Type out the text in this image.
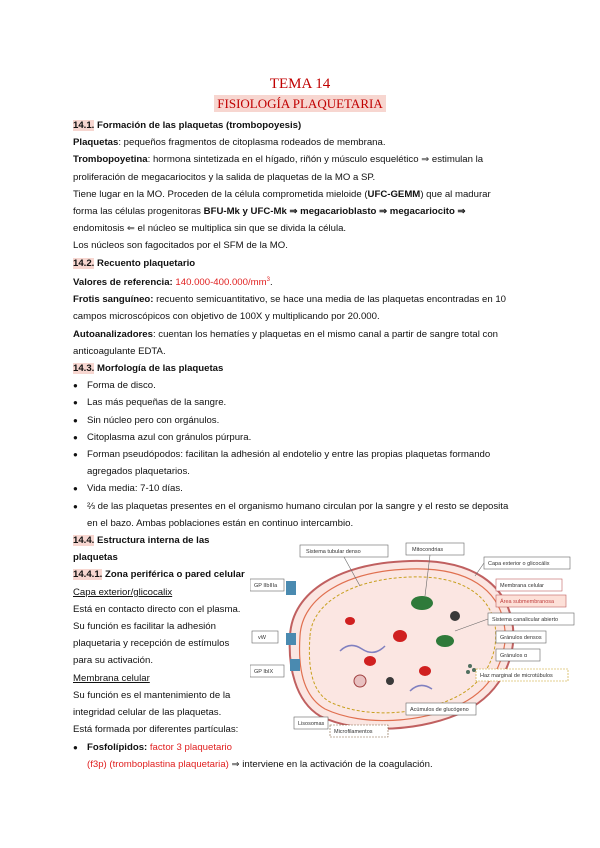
TEMA 14
FISIOLOGÍA PLAQUETARIA
14.1. Formación de las plaquetas (trombopoyesis)
Plaquetas: pequeños fragmentos de citoplasma rodeados de membrana.
Trombopoyetina: hormona sintetizada en el hígado, riñón y músculo esquelético ⇒ estimulan la
proliferación de megacariocitos y la salida de plaquetas de la MO a SP.
Tiene lugar en la MO. Proceden de la célula comprometida mieloide (UFC-GEMM) que al madurar
forma las células progenitoras BFU-Mk y UFC-Mk ⇒ megacarioblasto ⇒ megacariocito ⇒
endomitosis ⇐ el núcleo se multiplica sin que se divida la célula.
Los núcleos son fagocitados por el SFM de la MO.
14.2. Recuento plaquetario
Valores de referencia: $140.000-400.000/mm^3$.
Frotis sanguíneo: recuento semicuantitativo, se hace una media de las plaquetas encontradas en 10
campos microscópicos con objetivo de 100X y multiplicando por 20.000.
Autoanalizadores: cuentan los hematíes y plaquetas en el mismo canal a partir de sangre total con
anticoagulante EDTA.
14.3. Morfología de las plaquetas
● Forma de disco.
● Las más pequeñas de la sangre.
● Sin núcleo pero con orgánulos.
● Citoplasma azul con gránulos púrpura.
● Forman pseudópodos: facilitan la adhesión al endotelio y entre las propias plaquetas formando
agregados plaquetarios.
● Vida media: 7-10 días.
● ⅔ de las plaquetas presentes en el organismo humano circulan por la sangre y el resto se deposita
en el bazo. Ambas poblaciones están en continuo intercambio.
14.4. Estructura interna de las
plaquetas
14.4.1. Zona periférica o pared celular
Capa exterior/glicocalix
Está en contacto directo con el plasma.
Su función es facilitar la adhesión
plaquetaria y recepción de estímulos
para su activación.
Membrana celular
Su función es el mantenimiento de la
integridad celular de las plaquetas.
Está formada por diferentes partículas:
● Fosfolípidos: factor 3 plaquetario
(f3p) (tromboplastina plaquetaria) ⇒ interviene en la activación de la coagulación.
Sistema tubular denso	Mitocondrias
Capa exterior o glicocálix
Membrana celular
Área submembranosa
Sistema canalicular abierto
Gránulos densos
Gránulos α
Haz marginal de microtúbulos
Acúmulos de glucógeno
Microfilamentos
Lisosomas
GP IIbIIIa
vW
GP IbIX
